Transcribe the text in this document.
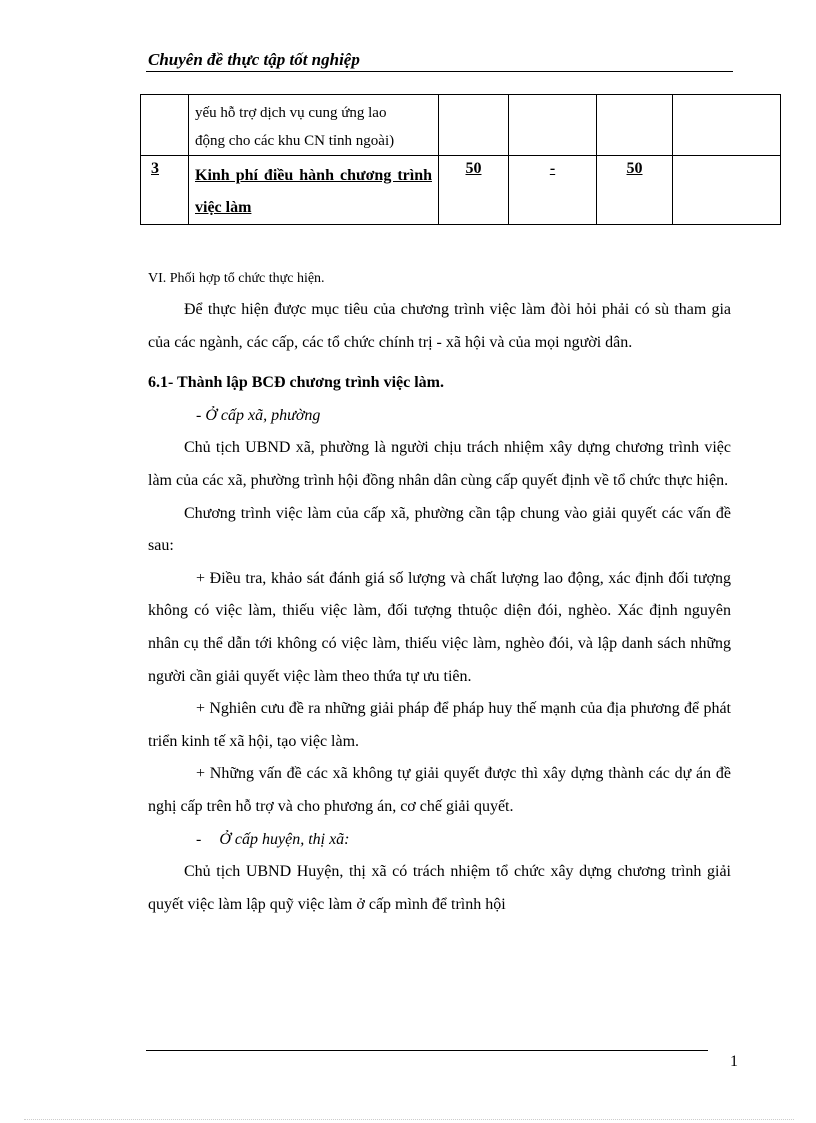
Chuyên đề thực tập tốt nghiệp

	yếu hỗ trợ dịch vụ cung ứng lao
động cho các khu CN tỉnh ngoài)				

3	Kinh phí điều hành chương trình việc làm	50	-	50	

VI. Phối hợp tổ chức thực hiện.

Để thực hiện được mục tiêu của chương trình việc làm đòi hỏi phải có sù tham gia của các ngành, các cấp, các tổ chức chính trị - xã hội và của mọi người dân.

6.1- Thành lập BCĐ chương trình việc làm.

- Ở cấp xã, phường

Chủ tịch UBND xã, phường là người chịu trách nhiệm xây dựng chương trình việc làm của các xã, phường trình hội đồng nhân dân cùng cấp quyết định về tổ chức thực hiện.

Chương trình việc làm của cấp xã, phường cần tập chung vào giải quyết các vấn đề sau:

+ Điều tra, khảo sát đánh giá số lượng và chất lượng lao động, xác định đối tượng không có việc làm, thiếu việc làm, đối tượng thtuộc diện đói, nghèo. Xác định nguyên nhân cụ thể dẫn tới không có việc làm, thiếu việc làm, nghèo đói, và lập danh sách những người cần giải quyết việc làm theo thứa tự ưu tiên.

+ Nghiên cưu đề ra những giải pháp để pháp huy thế mạnh của địa phương để phát triển kinh tế xã hội, tạo việc làm.

+ Những vấn đề các xã không tự giải quyết được thì xây dựng thành các dự án đề nghị cấp trên hỗ trợ và cho phương án, cơ chế giải quyết.

- Ở cấp huyện, thị xã:

Chủ tịch UBND Huyện, thị xã có trách nhiệm tổ chức xây dựng chương trình giải quyết việc làm lập quỹ việc làm ở cấp mình để trình hội

1
